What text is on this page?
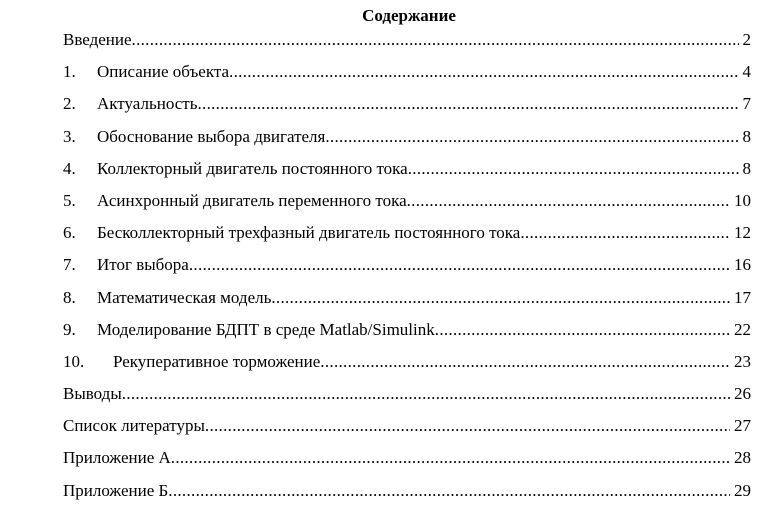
Содержание
Введение .....	2
1.	Описание объекта .....	4
2.	Актуальность .....	7
3.	Обоснование выбора двигателя .....	8
4.	Коллекторный двигатель постоянного тока .....	8
5.	Асинхронный двигатель переменного тока .....	10
6.	Бесколлекторный трехфазный двигатель постоянного тока .....	12
7.	Итог выбора .....	16
8.	Математическая модель .....	17
9.	Моделирование БДПТ в среде Matlab/Simulink .....	22
10.	Рекуперативное торможение .....	23
Выводы .....	26
Список литературы .....	27
Приложение А .....	28
Приложение Б .....	29
